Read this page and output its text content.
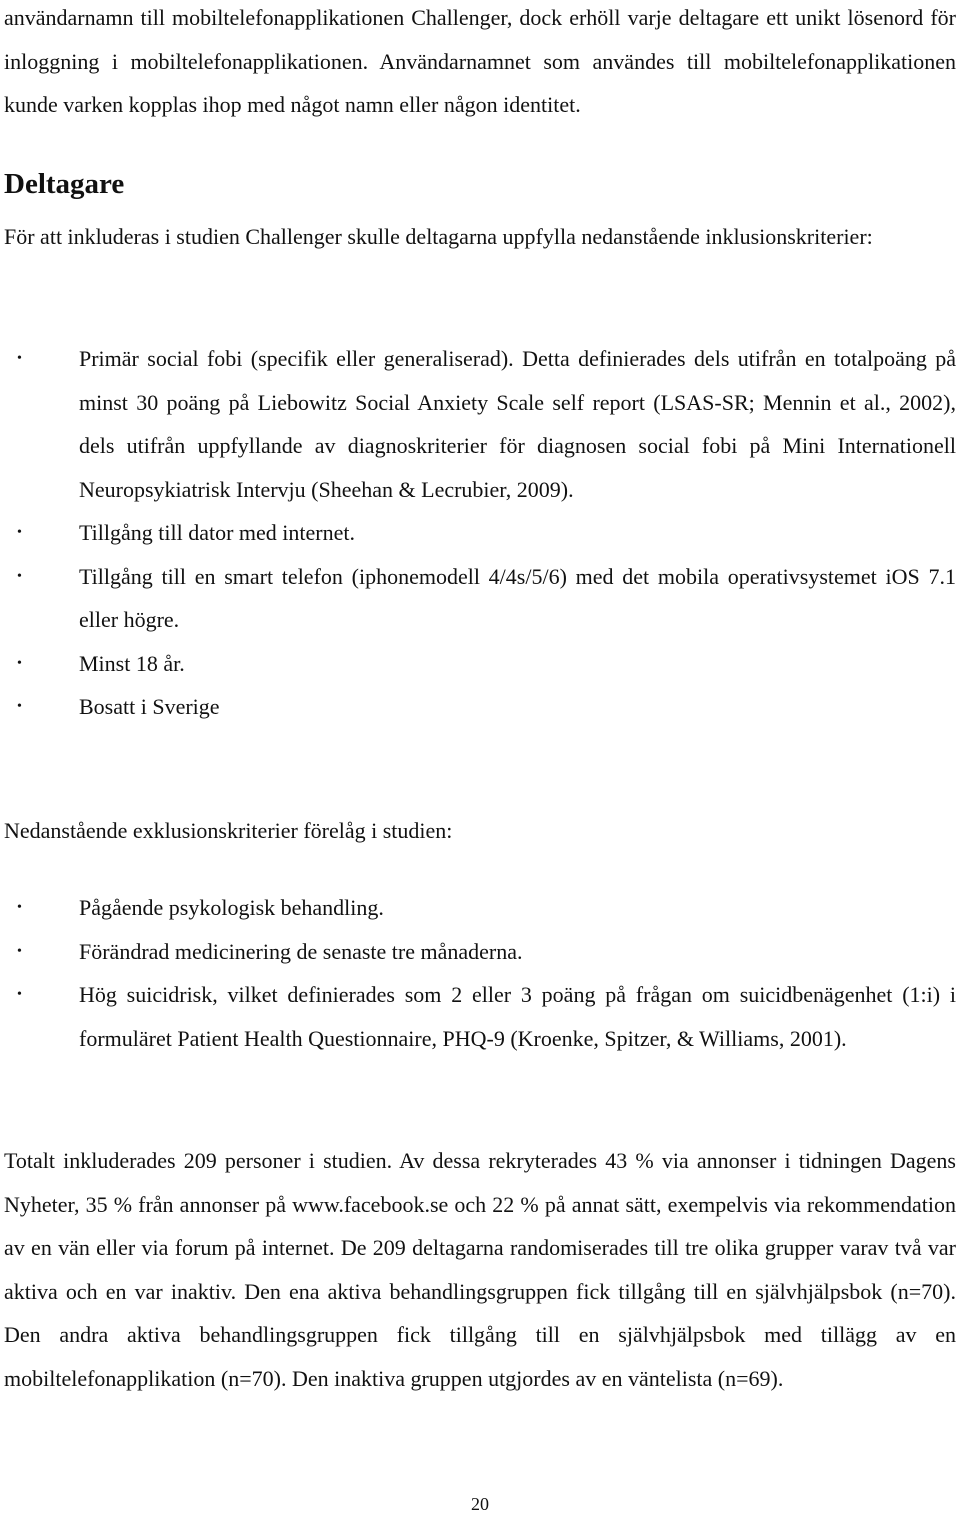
användarnamn till mobiltelefonapplikationen Challenger, dock erhöll varje deltagare ett unikt lösenord för inloggning i mobiltelefonapplikationen. Användarnamnet som användes till mobiltelefonapplikationen kunde varken kopplas ihop med något namn eller någon identitet.

Deltagare

För att inkluderas i studien Challenger skulle deltagarna uppfylla nedanstående inklusionskriterier:

•	Primär social fobi (specifik eller generaliserad). Detta definierades dels utifrån en totalpoäng på minst 30 poäng på Liebowitz Social Anxiety Scale self report (LSAS-SR; Mennin et al., 2002), dels utifrån uppfyllande av diagnoskriterier för diagnosen social fobi på Mini Internationell Neuropsykiatrisk Intervju (Sheehan & Lecrubier, 2009).
•	Tillgång till dator med internet.
•	Tillgång till en smart telefon (iphonemodell 4/4s/5/6) med det mobila operativsystemet iOS 7.1 eller högre.
•	Minst 18 år.
•	Bosatt i Sverige

Nedanstående exklusionskriterier förelåg i studien:

•	Pågående psykologisk behandling.
•	Förändrad medicinering de senaste tre månaderna.
•	Hög suicidrisk, vilket definierades som 2 eller 3 poäng på frågan om suicidbenägenhet (1:i) i formuläret Patient Health Questionnaire, PHQ-9 (Kroenke, Spitzer, & Williams, 2001).

Totalt inkluderades 209 personer i studien. Av dessa rekryterades 43 % via annonser i tidningen Dagens Nyheter, 35 % från annonser på www.facebook.se och 22 % på annat sätt, exempelvis via rekommendation av en vän eller via forum på internet. De 209 deltagarna randomiserades till tre olika grupper varav två var aktiva och en var inaktiv. Den ena aktiva behandlingsgruppen fick tillgång till en självhjälpsbok (n=70). Den andra aktiva behandlingsgruppen fick tillgång till en självhjälpsbok med tillägg av en mobiltelefonapplikation (n=70). Den inaktiva gruppen utgjordes av en väntelista (n=69).

20
